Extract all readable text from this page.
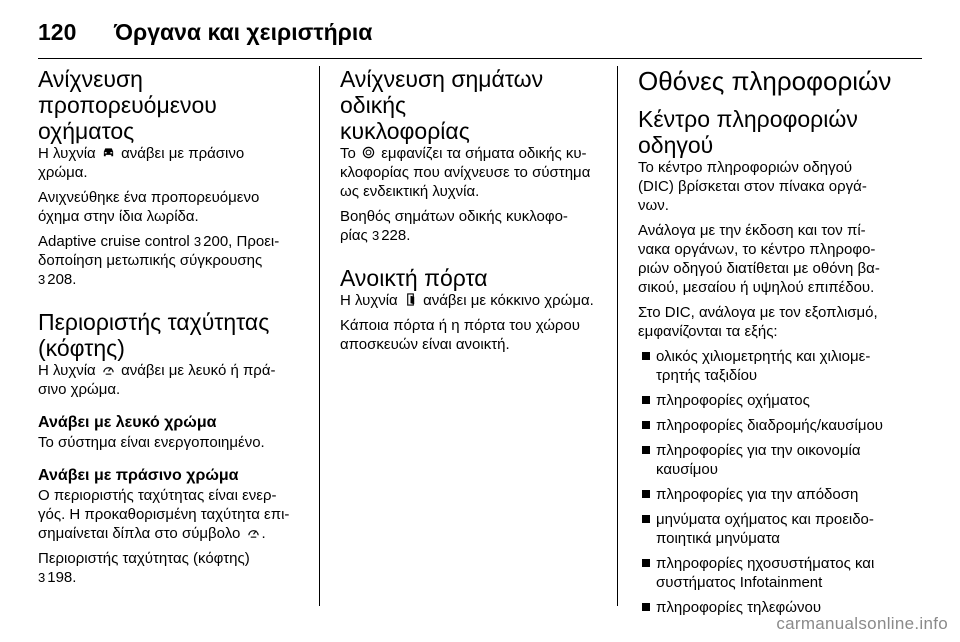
120	Όργανα και χειριστήρια
Ανίχνευση
προπορευόμενου
οχήματος

Η λυχνία ανάβει με πράσινο
χρώμα.

Ανιχνεύθηκε ένα προπορευόμενο
όχημα στην ίδια λωρίδα.

Adaptive cruise control 3 200, Προει-
δοποίηση μετωπικής σύγκρουσης
3 208.

Περιοριστής ταχύτητας
(κόφτης)

Η λυχνία ανάβει με λευκό ή πρά-
σινο χρώμα.

Ανάβει με λευκό χρώμα

Το σύστημα είναι ενεργοποιημένο.

Ανάβει με πράσινο χρώμα

Ο περιοριστής ταχύτητας είναι ενερ-
γός. Η προκαθορισμένη ταχύτητα επι-
σημαίνεται δίπλα στο σύμβολο .

Περιοριστής ταχύτητας (κόφτης)
3 198.

Ανίχνευση σημάτων οδικής
κυκλοφορίας

Το εμφανίζει τα σήματα οδικής κυ-
κλοφορίας που ανίχνευσε το σύστημα
ως ενδεικτική λυχνία.

Βοηθός σημάτων οδικής κυκλοφο-
ρίας 3 228.

Ανοικτή πόρτα

Η λυχνία ανάβει με κόκκινο χρώμα.

Κάποια πόρτα ή η πόρτα του χώρου
αποσκευών είναι ανοικτή.

Οθόνες πληροφοριών
Κέντρο πληροφοριών
οδηγού

Το κέντρο πληροφοριών οδηγού
(DIC) βρίσκεται στον πίνακα οργά-
νων.

Ανάλογα με την έκδοση και τον πί-
νακα οργάνων, το κέντρο πληροφο-
ριών οδηγού διατίθεται με οθόνη βα-
σικού, μεσαίου ή υψηλού επιπέδου.

Στο DIC, ανάλογα με τον εξοπλισμό,
εμφανίζονται τα εξής:

ολικός χιλιομετρητής και χιλιομε-
τρητής ταξιδίου
πληροφορίες οχήματος
πληροφορίες διαδρομής/καυσίμου
πληροφορίες για την οικονομία
καυσίμου
πληροφορίες για την απόδοση
μηνύματα οχήματος και προειδο-
ποιητικά μηνύματα
πληροφορίες ηχοσυστήματος και
συστήματος Infotainment
πληροφορίες τηλεφώνου
carmanualsonline.info
